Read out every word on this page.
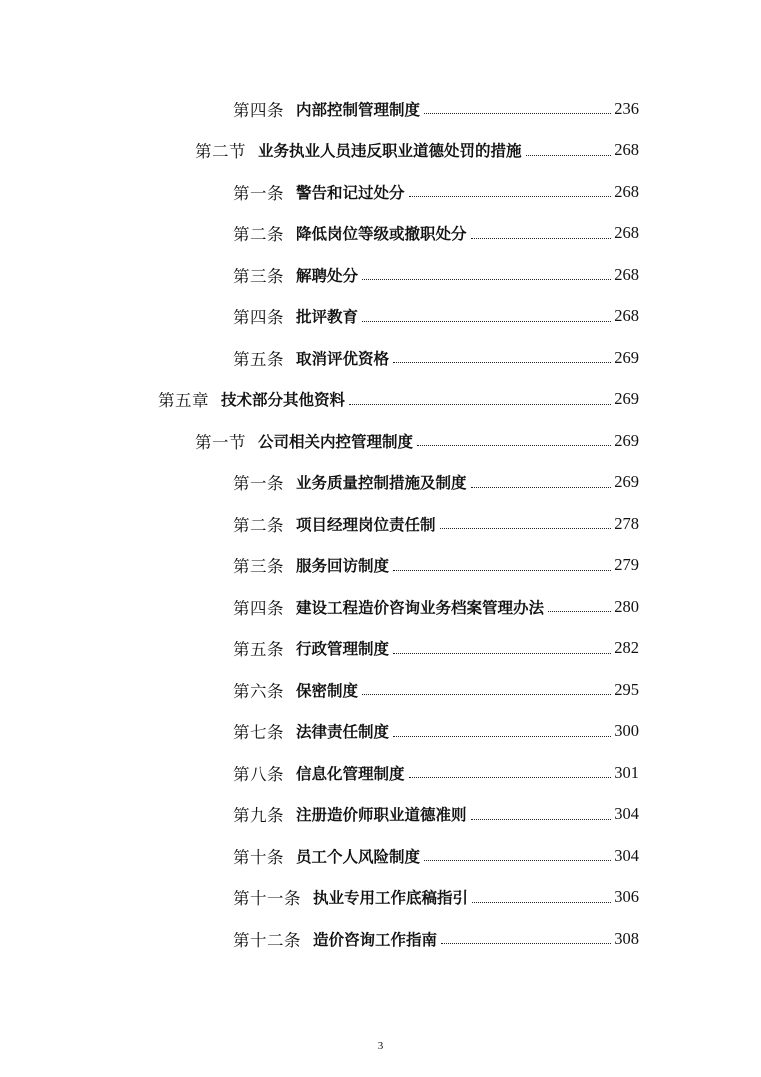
第四条 内部控制管理制度	236
第二节 业务执业人员违反职业道德处罚的措施	268
第一条 警告和记过处分	268
第二条 降低岗位等级或撤职处分	268
第三条 解聘处分	268
第四条 批评教育	268
第五条 取消评优资格	269
第五章 技术部分其他资料	269
第一节 公司相关内控管理制度	269
第一条 业务质量控制措施及制度	269
第二条 项目经理岗位责任制	278
第三条 服务回访制度	279
第四条 建设工程造价咨询业务档案管理办法	280
第五条 行政管理制度	282
第六条 保密制度	295
第七条 法律责任制度	300
第八条 信息化管理制度	301
第九条 注册造价师职业道德准则	304
第十条 员工个人风险制度	304
第十一条 执业专用工作底稿指引	306
第十二条 造价咨询工作指南	308
3
